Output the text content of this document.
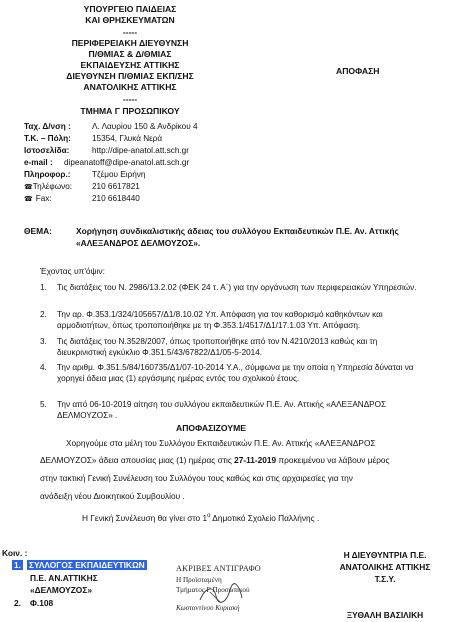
ΥΠΟΥΡΓΕΙΟ ΠΑΙΔΕΙΑΣ
ΚΑΙ ΘΡΗΣΚΕΥΜΑΤΩΝ
-----
ΠΕΡΙΦΕΡΕΙΑΚΗ ΔΙΕΥΘΥΝΣΗ
Π/ΘΜΙΑΣ & Δ/ΘΜΙΑΣ
ΕΚΠΑΙΔΕΥΣΗΣ ΑΤΤΙΚΗΣ
ΔΙΕΥΘΥΝΣΗ Π/ΘΜΙΑΣ ΕΚΠ/ΣΗΣ
ΑΝΑΤΟΛΙΚΗΣ ΑΤΤΙΚΗΣ
-----
ΤΜΗΜΑ Γ ΠΡΟΣΩΠΙΚΟΥ
ΑΠΟΦΑΣΗ
Ταχ. Δ/νση :	Λ. Λαυρίου 150 & Ανδρίκου 4
Τ.Κ. – Πόλη:	15354, Γλυκά Νερά
Ιστοσελίδα:	http://dipe-anatol.att.sch.gr
e-mail : dipeanatoff@dipe-anatol.att.sch.gr
Πληροφορ.:	Τζέμου Ειρήνη
☎Τηλέφωνο: 210 6617821
☎ Fax:	210 6618440
ΘΕΜΑ:	Χορήγηση συνδικαλιστικής άδειας του συλλόγου Εκπαιδευτικών Π.Ε. Αν. Αττικής
«ΑΛΕΞΑΝΔΡΟΣ ΔΕΛΜΟΥΖΟΣ».
Έχοντας υπ'όψιν:
1. Τις διατάξεις του Ν. 2986/13.2.02 (ΦΕΚ 24 τ. Α΄) για την οργάνωση των περιφερειακών Υπηρεσιών.
2. Την αρ. Φ.353.1/324/105657/Δ1/8.10.02 Υπ. Απόφαση για τον καθορισμό καθηκόντων και αρμοδιοτήτων, όπως τροποποιήθηκε με τη Φ.353.1/4517/Δ1/17.1.03 Υπ. Απόφαση.
3. Τις διατάξεις του Ν.3528/2007, όπως τροποποιήθηκε από τον Ν.4210/2013 καθώς και τη διευκρινιστική εγκύκλιο Φ.351.5/43/67822/Δ1/05-5-2014.
4. Την αριθμ. Φ.351.5/84/160735/Δ1/07-10-2014 Υ.Α., σύμφωνα με την οποία η Υπηρεσία δύναται να χορηγεί άδεια μιας (1) εργάσιμης ημέρας εντός του σχολικού έτους.
5. Την από 06-10-2019 αίτηση του συλλόγου εκπαιδευτικών Π.Ε. Αν. Αττικής «ΑΛΕΞΑΝΔΡΟΣ ΔΕΛΜΟΥΖΟΣ» .
ΑΠΟΦΑΣΙΖΟΥΜΕ
Χορηγούμε στα μέλη του Συλλόγου Εκπαιδευτικών Π.Ε. Αν. Αττικής «ΑΛΕΞΑΝΔΡΟΣ
ΔΕΛΜΟΥΖΟΣ» άδεια απουσίας μιας (1) ημέρας στις 27-11-2019 προκειμένου να λάβουν μέρος
στην τακτική Γενική Συνέλευση του Συλλόγου τους καθώς και στις αρχαιρεσίες για την
ανάδειξη νέου Διοικητικού Συμβουλίου .
Η Γενική Συνέλευση θα γίνει στο $1^o$ Δημοτικό Σχολείο Παλλήνης .
Κοιν. :
1. ΣΥΛΛΟΓΟΣ ΕΚΠΑΙΔΕΥΤΙΚΩΝ
Π.Ε. ΑΝ.ΑΤΤΙΚΗΣ
«ΔΕΛΜΟΥΖΟΣ»
2. Φ.108
ΑΚΡΙΒΕΣ ΑΝΤΙΓΡΑΦΟ
Η Προϊσταμένη
Τμήματος Γ Προσωπικού
Κωσταντίνου Κυριακή
Η ΔΙΕΥΘΥΝΤΡΙΑ Π.Ε.
ΑΝΑΤΟΛΙΚΗΣ ΑΤΤΙΚΗΣ
Τ.Σ.Υ.
ΞΥΘΑΛΗ ΒΑΣΙΛΙΚΗ
